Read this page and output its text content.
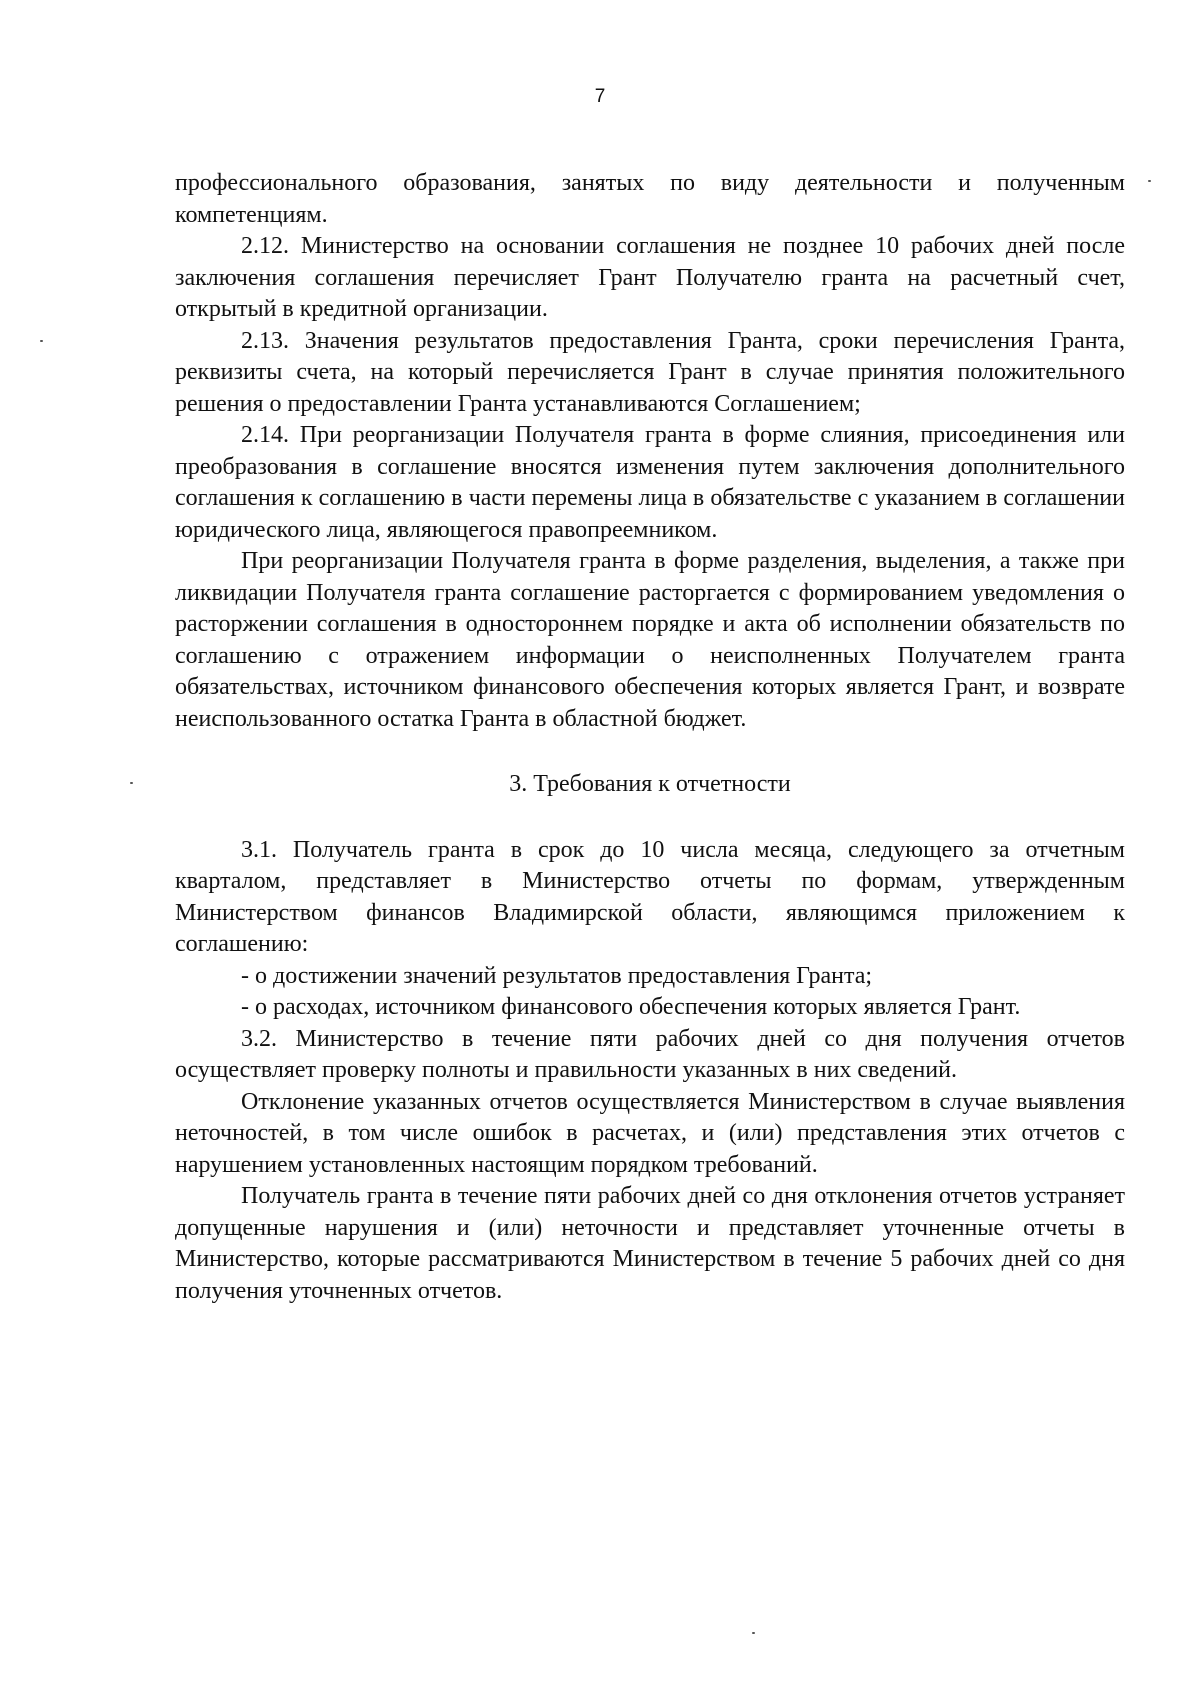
7

профессионального образования, занятых по виду деятельности и полученным компетенциям.

2.12. Министерство на основании соглашения не позднее 10 рабочих дней после заключения соглашения перечисляет Грант Получателю гранта на расчетный счет, открытый в кредитной организации.

2.13. Значения результатов предоставления Гранта, сроки перечисления Гранта, реквизиты счета, на который перечисляется Грант в случае принятия положительного решения о предоставлении Гранта устанавливаются Соглашением;

2.14. При реорганизации Получателя гранта в форме слияния, присоединения или преобразования в соглашение вносятся изменения путем заключения дополнительного соглашения к соглашению в части перемены лица в обязательстве с указанием в соглашении юридического лица, являющегося правопреемником.

При реорганизации Получателя гранта в форме разделения, выделения, а также при ликвидации Получателя гранта соглашение расторгается с формированием уведомления о расторжении соглашения в одностороннем порядке и акта об исполнении обязательств по соглашению с отражением информации о неисполненных Получателем гранта обязательствах, источником финансового обеспечения которых является Грант, и возврате неиспользованного остатка Гранта в областной бюджет.

3. Требования к отчетности

3.1. Получатель гранта в срок до 10 числа месяца, следующего за отчетным кварталом, представляет в Министерство отчеты по формам, утвержденным Министерством финансов Владимирской области, являющимся приложением к соглашению:

- о достижении значений результатов предоставления Гранта;

- о расходах, источником финансового обеспечения которых является Грант.

3.2. Министерство в течение пяти рабочих дней со дня получения отчетов осуществляет проверку полноты и правильности указанных в них сведений.

Отклонение указанных отчетов осуществляется Министерством в случае выявления неточностей, в том числе ошибок в расчетах, и (или) представления этих отчетов с нарушением установленных настоящим порядком требований.

Получатель гранта в течение пяти рабочих дней со дня отклонения отчетов устраняет допущенные нарушения и (или) неточности и представляет уточненные отчеты в Министерство, которые рассматриваются Министерством в течение 5 рабочих дней со дня получения уточненных отчетов.
